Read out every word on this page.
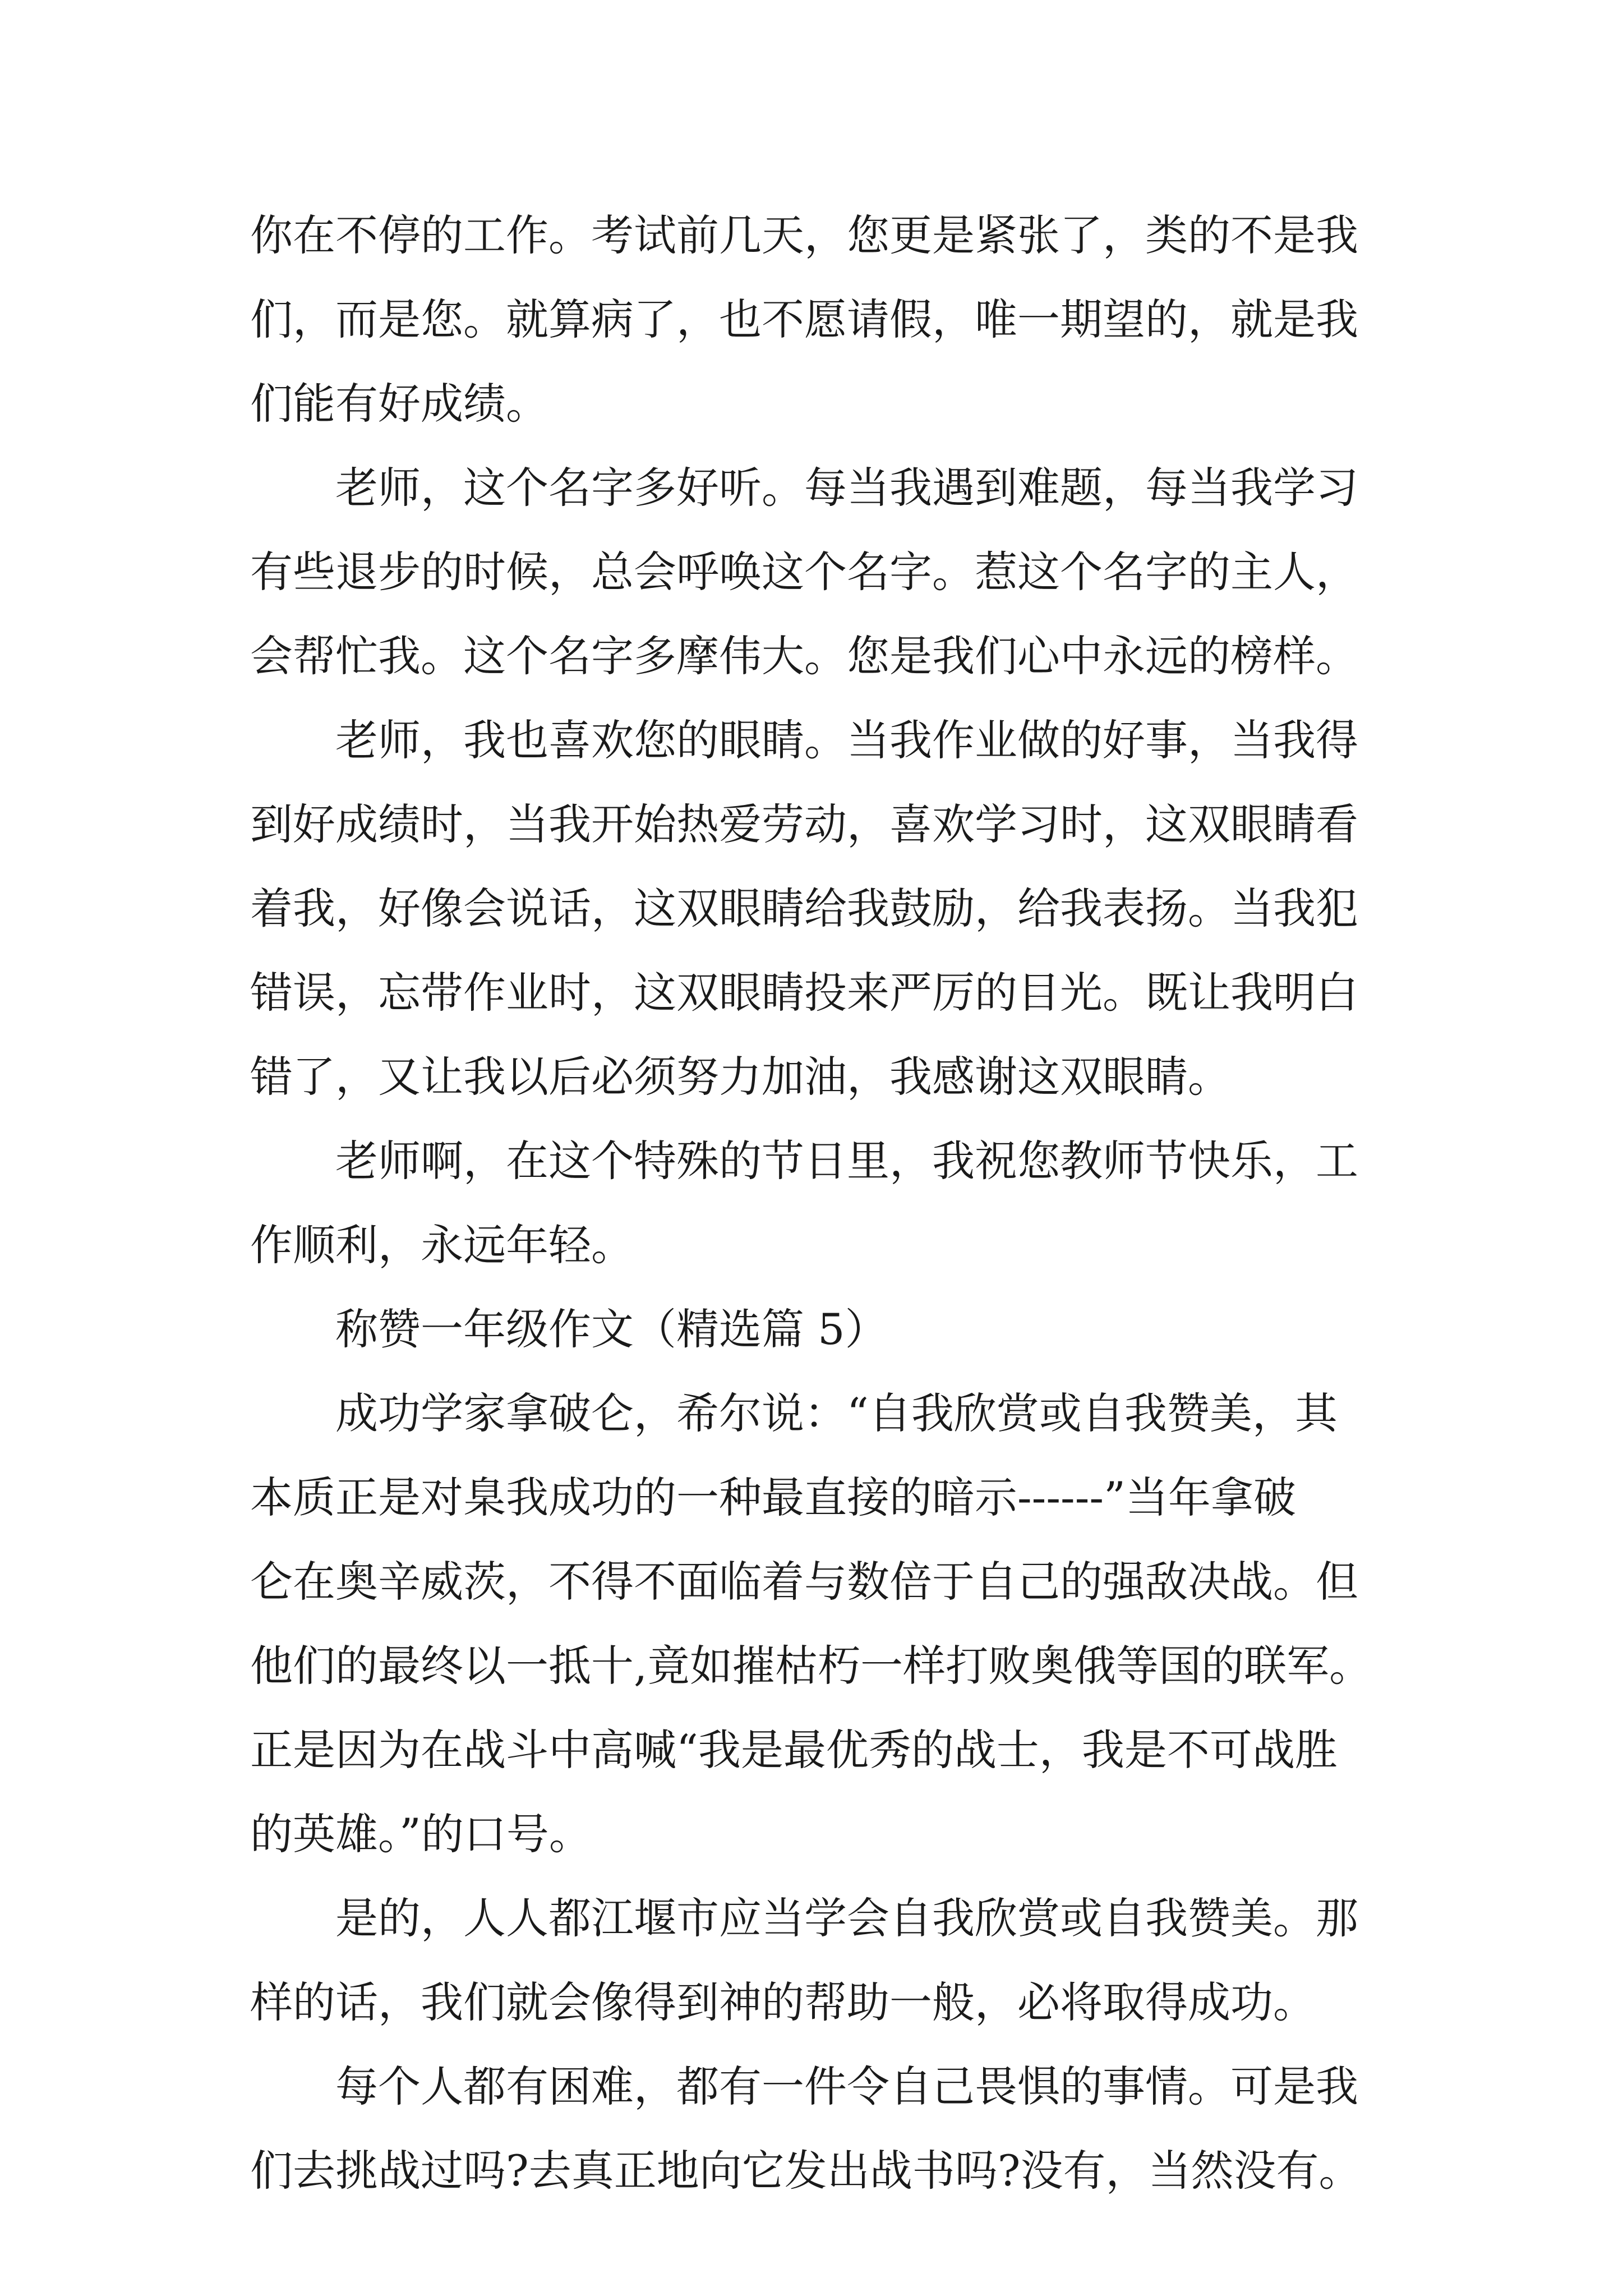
你在不停的工作。考试前几天，您更是紧张了，类的不是我
们，而是您。就算病了，也不愿请假，唯一期望的，就是我
们能有好成绩。
老师，这个名字多好听。每当我遇到难题，每当我学习
有些退步的时候，总会呼唤这个名字。惹这个名字的主人，
会帮忙我。这个名字多摩伟大。您是我们心中永远的榜样。
老师，我也喜欢您的眼睛。当我作业做的好事，当我得
到好成绩时，当我开始热爱劳动，喜欢学习时，这双眼睛看
着我，好像会说话，这双眼睛给我鼓励，给我表扬。当我犯
错误，忘带作业时，这双眼睛投来严厉的目光。既让我明白
错了，又让我以后必须努力加油，我感谢这双眼睛。
老师啊，在这个特殊的节日里，我祝您教师节快乐，工
作顺利，永远年轻。
称赞一年级作文（精选篇 5）
成功学家拿破仑，希尔说：“自我欣赏或自我赞美，其
本质正是对臬我成功的一种最直接的暗示------”当年拿破
仑在奥辛威茨，不得不面临着与数倍于自己的强敌决战。但
他们的最终以一抵十,竟如摧枯朽一样打败奥俄等国的联军。
正是因为在战斗中高喊“我是最优秀的战士，我是不可战胜
的英雄。”的口号。
是的，人人都江堰市应当学会自我欣赏或自我赞美。那
样的话，我们就会像得到神的帮助一般，必将取得成功。
每个人都有困难，都有一件令自己畏惧的事情。可是我
们去挑战过吗?去真正地向它发出战书吗?没有，当然没有。
